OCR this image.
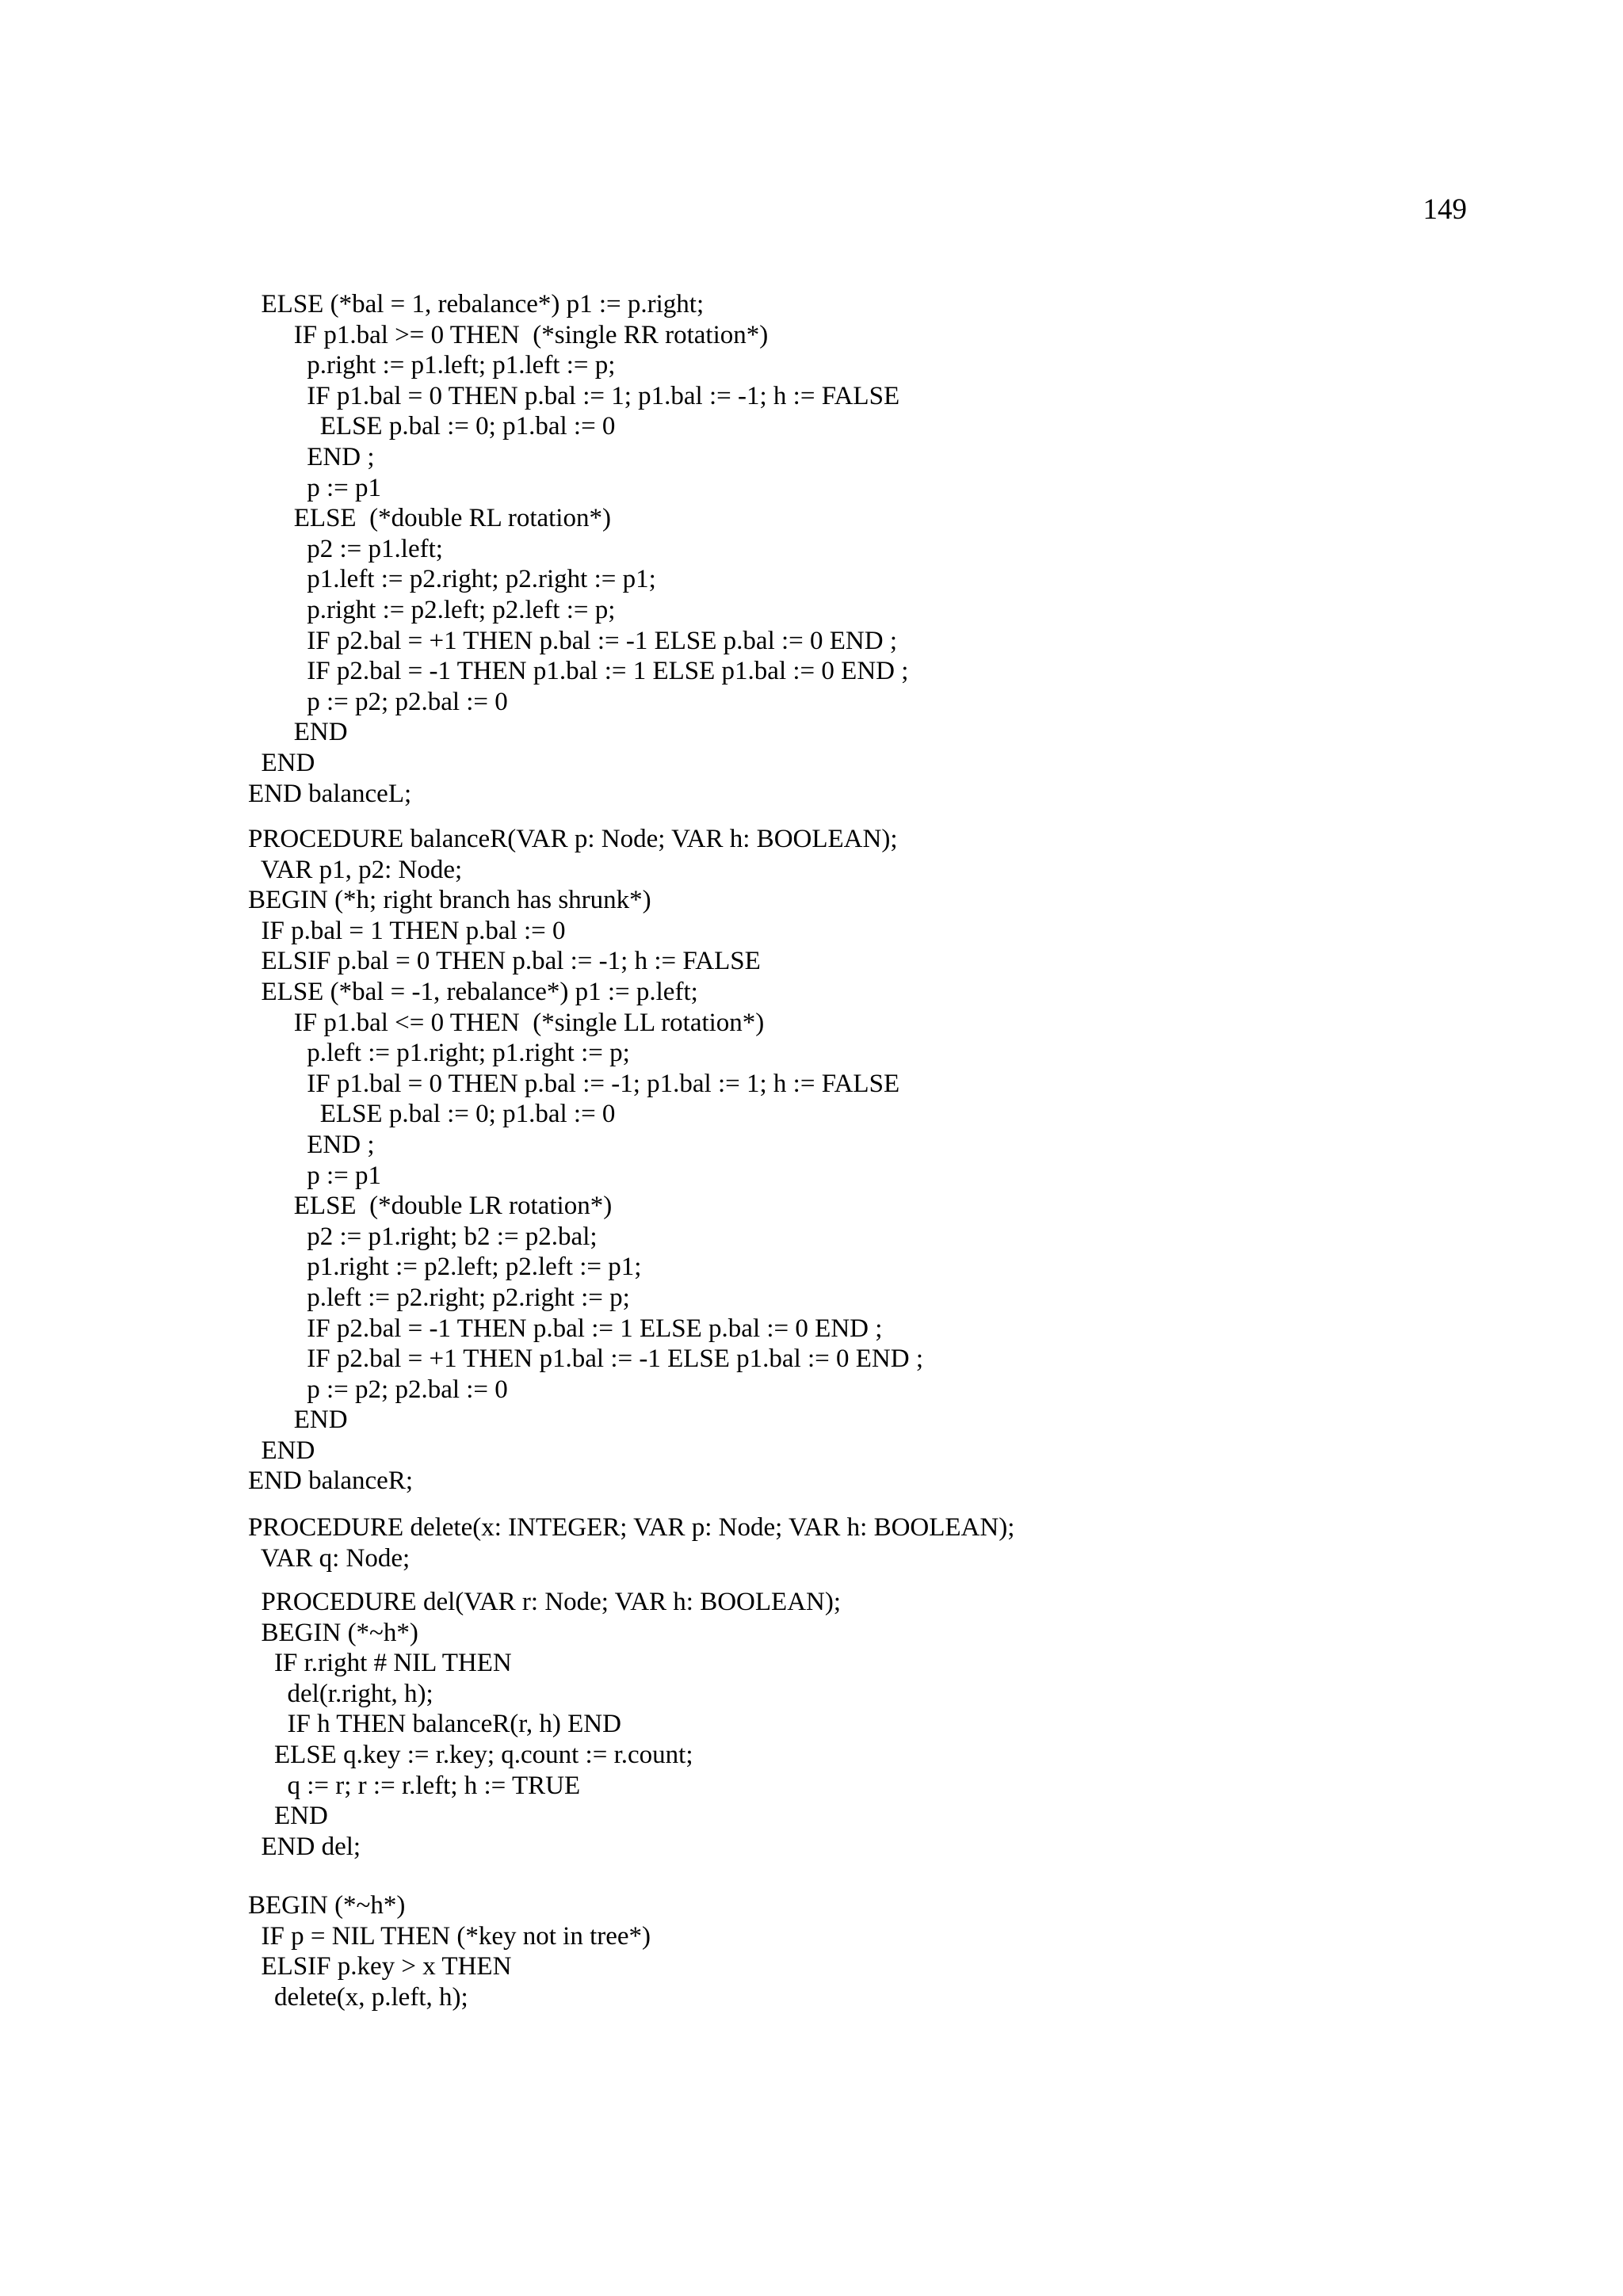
149
ELSE (*bal = 1, rebalance*) p1 := p.right;
IF p1.bal >= 0 THEN  (*single RR rotation*)
p.right := p1.left; p1.left := p;
IF p1.bal = 0 THEN p.bal := 1; p1.bal := -1; h := FALSE
ELSE p.bal := 0; p1.bal := 0
END ;
p := p1
ELSE  (*double RL rotation*)
p2 := p1.left;
p1.left := p2.right; p2.right := p1;
p.right := p2.left; p2.left := p;
IF p2.bal = +1 THEN p.bal := -1 ELSE p.bal := 0 END ;
IF p2.bal = -1 THEN p1.bal := 1 ELSE p1.bal := 0 END ;
p := p2; p2.bal := 0
END
END
END balanceL;
PROCEDURE balanceR(VAR p: Node; VAR h: BOOLEAN);
VAR p1, p2: Node;
BEGIN (*h; right branch has shrunk*)
IF p.bal = 1 THEN p.bal := 0
ELSIF p.bal = 0 THEN p.bal := -1; h := FALSE
ELSE (*bal = -1, rebalance*) p1 := p.left;
IF p1.bal <= 0 THEN  (*single LL rotation*)
p.left := p1.right; p1.right := p;
IF p1.bal = 0 THEN p.bal := -1; p1.bal := 1; h := FALSE
ELSE p.bal := 0; p1.bal := 0
END ;
p := p1
ELSE  (*double LR rotation*)
p2 := p1.right; b2 := p2.bal;
p1.right := p2.left; p2.left := p1;
p.left := p2.right; p2.right := p;
IF p2.bal = -1 THEN p.bal := 1 ELSE p.bal := 0 END ;
IF p2.bal = +1 THEN p1.bal := -1 ELSE p1.bal := 0 END ;
p := p2; p2.bal := 0
END
END
END balanceR;
PROCEDURE delete(x: INTEGER; VAR p: Node; VAR h: BOOLEAN);
VAR q: Node;
PROCEDURE del(VAR r: Node; VAR h: BOOLEAN);
BEGIN (*~h*)
IF r.right # NIL THEN
del(r.right, h);
IF h THEN balanceR(r, h) END
ELSE q.key := r.key; q.count := r.count;
q := r; r := r.left; h := TRUE
END
END del;
BEGIN (*~h*)
IF p = NIL THEN (*key not in tree*)
ELSIF p.key > x THEN
delete(x, p.left, h);
